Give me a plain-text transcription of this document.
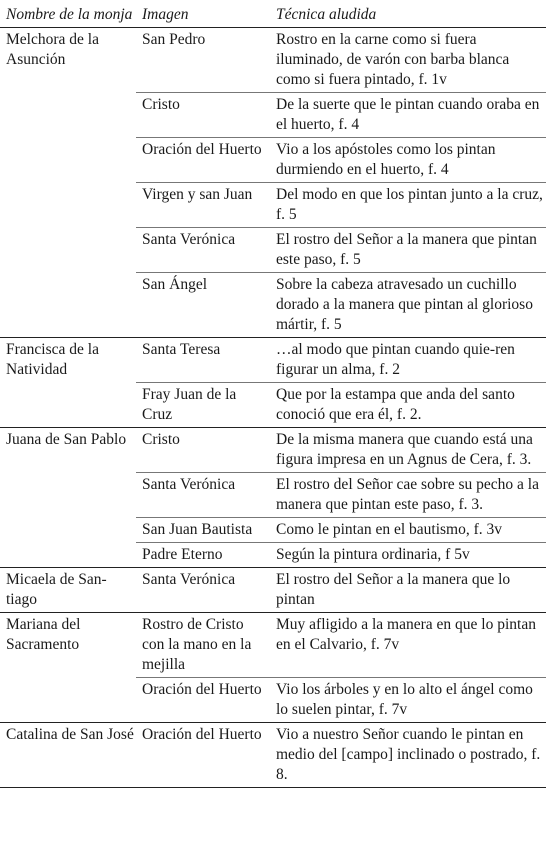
Nombre de la monja	Imagen	Técnica aludida
Melchora de la Asunción	San Pedro	Rostro en la carne como si fuera iluminado, de varón con barba blanca como si fuera pintado, f. 1v
	Cristo	De la suerte que le pintan cuando oraba en el huerto, f. 4
	Oración del Huerto	Vio a los apóstoles como los pintan durmiendo en el huerto, f. 4
	Virgen y san Juan	Del modo en que los pintan junto a la cruz, f. 5
	Santa Verónica	El rostro del Señor a la manera que pintan este paso, f. 5
	San Ángel	Sobre la cabeza atravesado un cuchillo dorado a la manera que pintan al glorioso mártir, f. 5
Francisca de la Natividad	Santa Teresa	…al modo que pintan cuando quie-ren figurar un alma, f. 2
	Fray Juan de la Cruz	Que por la estampa que anda del santo conoció que era él, f. 2.
Juana de San Pablo	Cristo	De la misma manera que cuando está una figura impresa en un Agnus de Cera, f. 3.
	Santa Verónica	El rostro del Señor cae sobre su pecho a la manera que pintan este paso, f. 3.
	San Juan Bautista	Como le pintan en el bautismo, f. 3v
	Padre Eterno	Según la pintura ordinaria, f 5v
Micaela de San-tiago	Santa Verónica	El rostro del Señor a la manera que lo pintan
Mariana del Sacramento	Rostro de Cristo con la mano en la mejilla	Muy afligido a la manera en que lo pintan en el Calvario, f. 7v
	Oración del Huerto	Vio los árboles y en lo alto el ángel como lo suelen pintar, f. 7v
Catalina de San José	Oración del Huerto	Vio a nuestro Señor cuando le pintan en medio del [campo] inclinado o postrado, f. 8.
